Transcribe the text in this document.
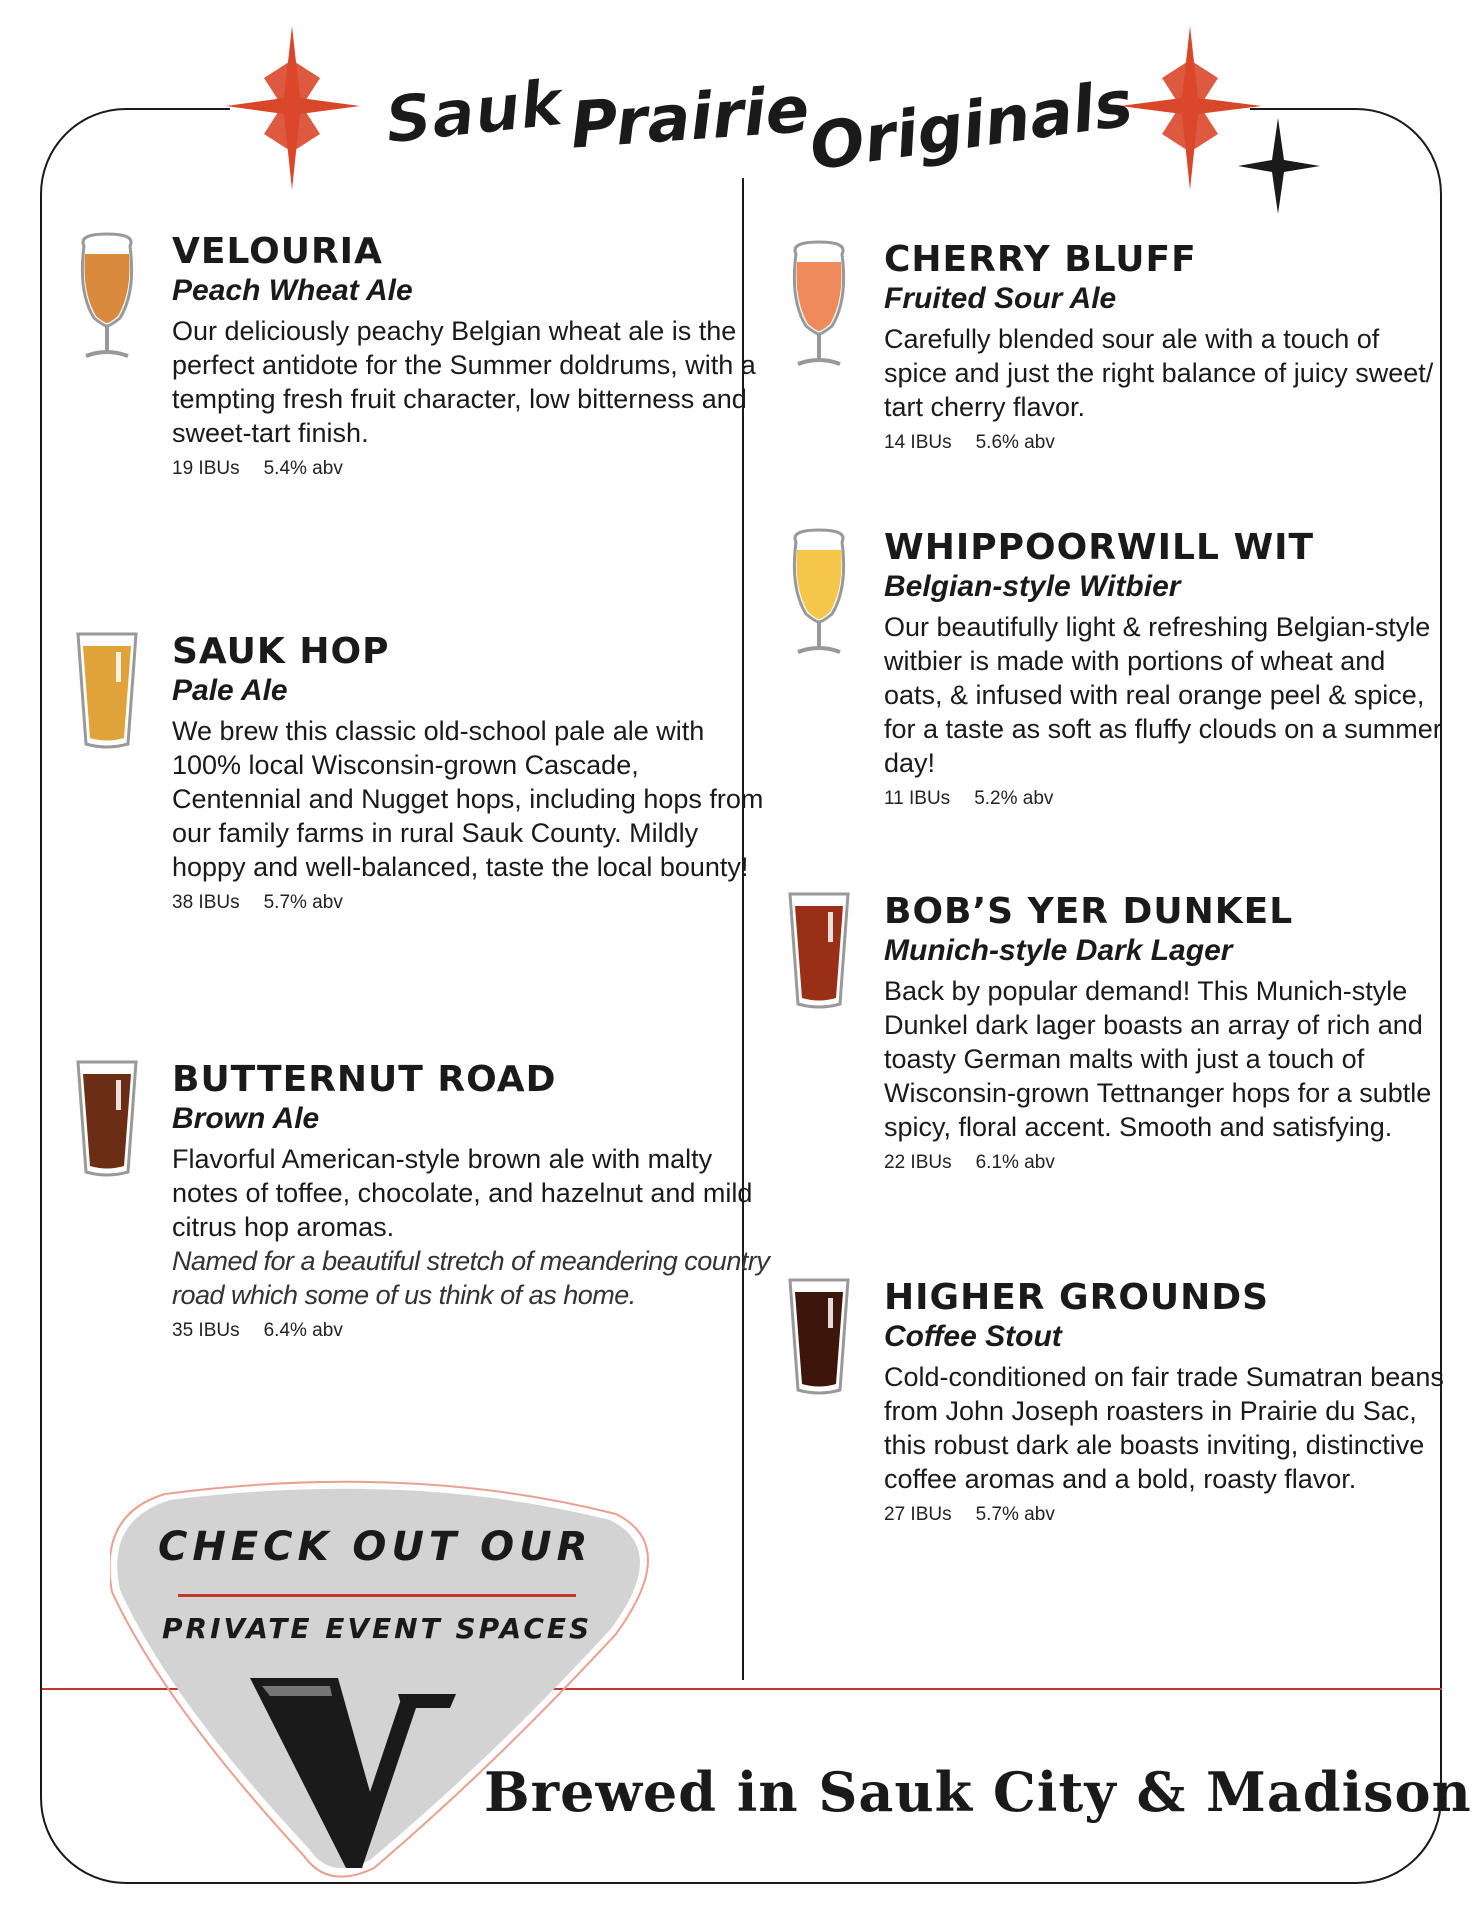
Sauk Prairie
Originals

VELOURIA

Peach Wheat Ale

Our deliciously peachy Belgian wheat ale is the perfect antidote for the Summer doldrums, with a tempting fresh fruit character, low bitterness and sweet-tart finish.

19 IBUs 5.4% abv

SAUK HOP

Pale Ale

We brew this classic old-school pale ale with 100% local Wisconsin-grown Cascade, Centennial and Nugget hops, including hops from our family farms in rural Sauk County. Mildly hoppy and well-balanced, taste the local bounty!

38 IBUs 5.7% abv

BUTTERNUT ROAD

Brown Ale

Flavorful American-style brown ale with malty notes of toffee, chocolate, and hazelnut and mild citrus hop aromas.

Named for a beautiful stretch of meandering country road which some of us think of as home.

35 IBUs 6.4% abv

CHERRY BLUFF

Fruited Sour Ale

Carefully blended sour ale with a touch of spice and just the right balance of juicy sweet/ tart cherry flavor.

14 IBUs 5.6% abv

WHIPPOORWILL WIT

Belgian-style Witbier

Our beautifully light & refreshing Belgian-style witbier is made with portions of wheat and oats, & infused with real orange peel & spice, for a taste as soft as fluffy clouds on a summer day!

11 IBUs 5.2% abv

BOB’S YER DUNKEL

Munich-style Dark Lager

Back by popular demand! This Munich-style Dunkel dark lager boasts an array of rich and toasty German malts with just a touch of Wisconsin-grown Tettnanger hops for a subtle spicy, floral accent. Smooth and satisfying.

22 IBUs 6.1% abv

HIGHER GROUNDS

Coffee Stout

Cold-conditioned on fair trade Sumatran beans from John Joseph roasters in Prairie du Sac, this robust dark ale boasts inviting, distinctive coffee aromas and a bold, roasty flavor.

27 IBUs 5.7% abv
CHECK OUT OUR
PRIVATE EVENT SPACES
Brewed in Sauk City & Madison
